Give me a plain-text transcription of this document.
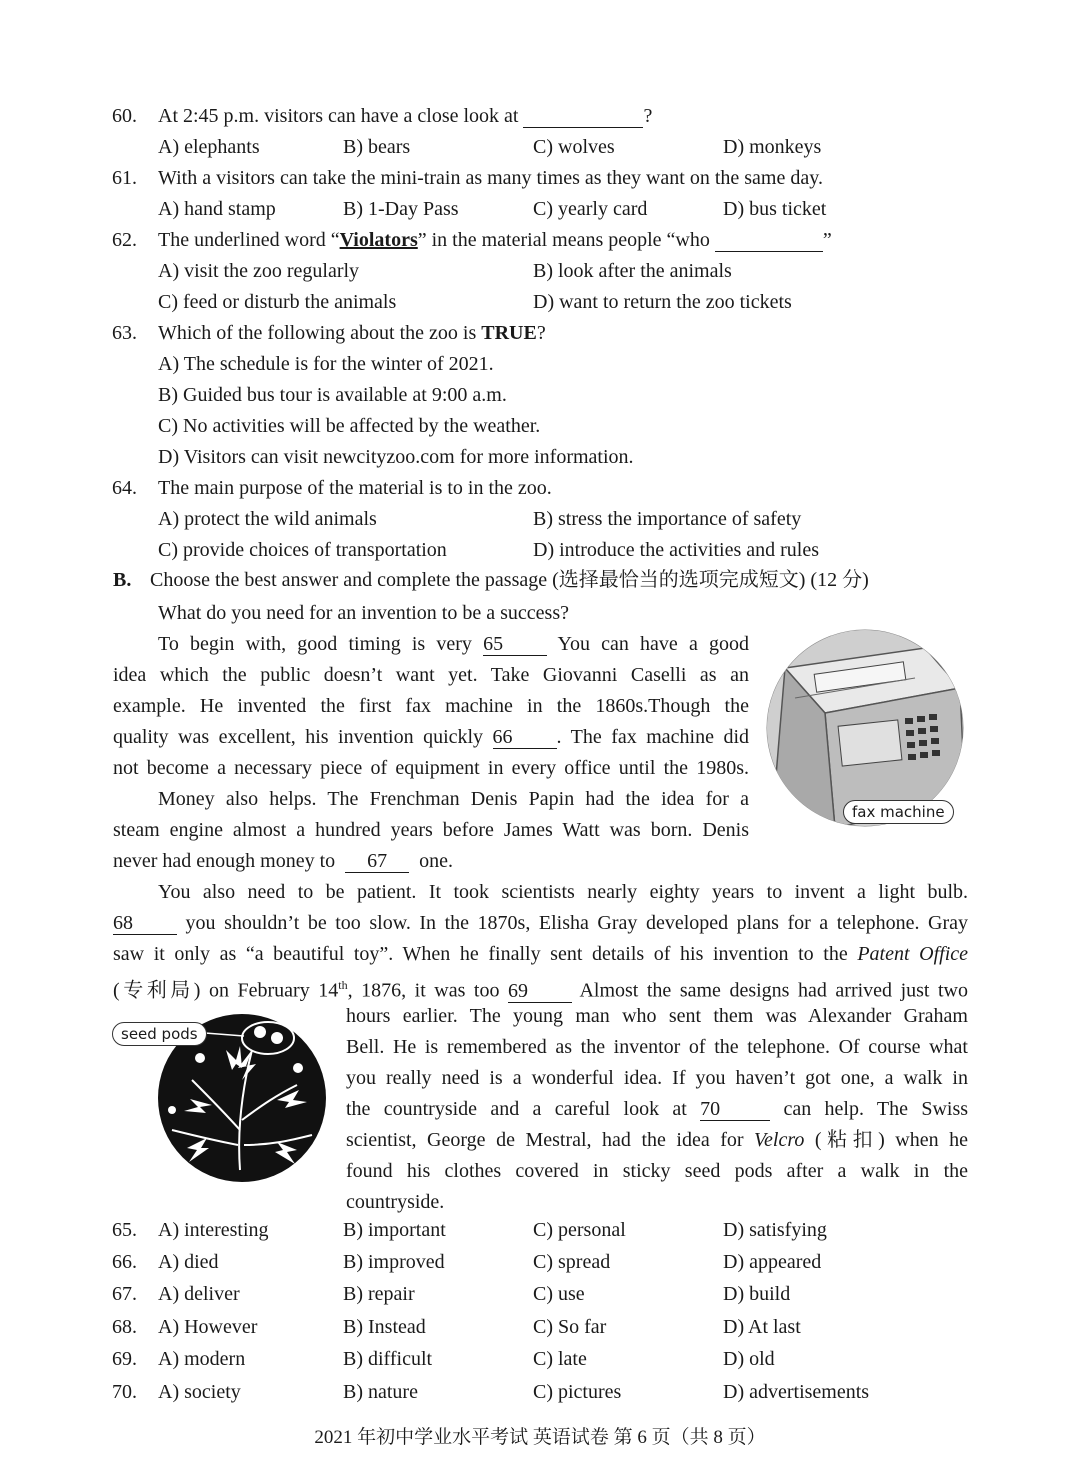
60. At 2:45 p.m. visitors can have a close look at	?
A) elephants	B) bears	C) wolves	D) monkeys
61. With a visitors can take the mini-train as many times as they want on the same day.
A) hand stamp	B) 1-Day Pass	C) yearly card	D) bus ticket
62. The underlined word “Violators” in the material means people “who	”
A) visit the zoo regularly	B) look after the animals
C) feed or disturb the animals	D) want to return the zoo tickets
63. Which of the following about the zoo is TRUE?
A) The schedule is for the winter of 2021.
B) Guided bus tour is available at 9:00 a.m.
C) No activities will be affected by the weather.
D) Visitors can visit newcityzoo.com for more information.
64. The main purpose of the material is to in the zoo.
A) protect the wild animals	B) stress the importance of safety
C) provide choices of transportation	D) introduce the activities and rules
B. Choose the best answer and complete the passage (选择最恰当的选项完成短文) (12 分)
What do you need for an invention to be a success?
To begin with, good timing is very 65	You can have a good
idea which the public doesn’t want yet. Take Giovanni Caselli as an
example. He invented the first fax machine in the 1860s.Though the
quality was excellent, his invention quickly 66 . The fax machine did
not become a necessary piece of equipment in every office until the 1980s.
Money also helps. The Frenchman Denis Papin had the idea for a
steam engine almost a hundred years before James Watt was born. Denis
never had enough money to 67 one.
fax machine
You also need to be patient. It took scientists nearly eighty years to invent a light bulb.
68	you shouldn’t be too slow. In the 1870s, Elisha Gray developed plans for a telephone. Gray
saw it only as “a beautiful toy”. When he finally sent details of his invention to the Patent Office
(专利局) on February 14th, 1876, it was too 69	Almost the same designs had arrived just two
hours earlier. The young man who sent them was Alexander Graham
Bell. He is remembered as the inventor of the telephone. Of course what
you really need is a wonderful idea. If you haven’t got one, a walk in
the countryside and a careful look at 70	can help. The Swiss
scientist, George de Mestral, had the idea for Velcro (粘扣) when he
found his clothes covered in sticky seed pods after a walk in the
countryside.
seed pods
65. A) interesting	B) important	C) personal	D) satisfying
66. A) died	B) improved	C) spread	D) appeared
67. A) deliver	B) repair	C) use	D) build
68. A) However	B) Instead	C) So far	D) At last
69. A) modern	B) difficult	C) late	D) old
70. A) society	B) nature	C) pictures	D) advertisements
2021 年初中学业水平考试 英语试卷 第 6 页（共 8 页）
